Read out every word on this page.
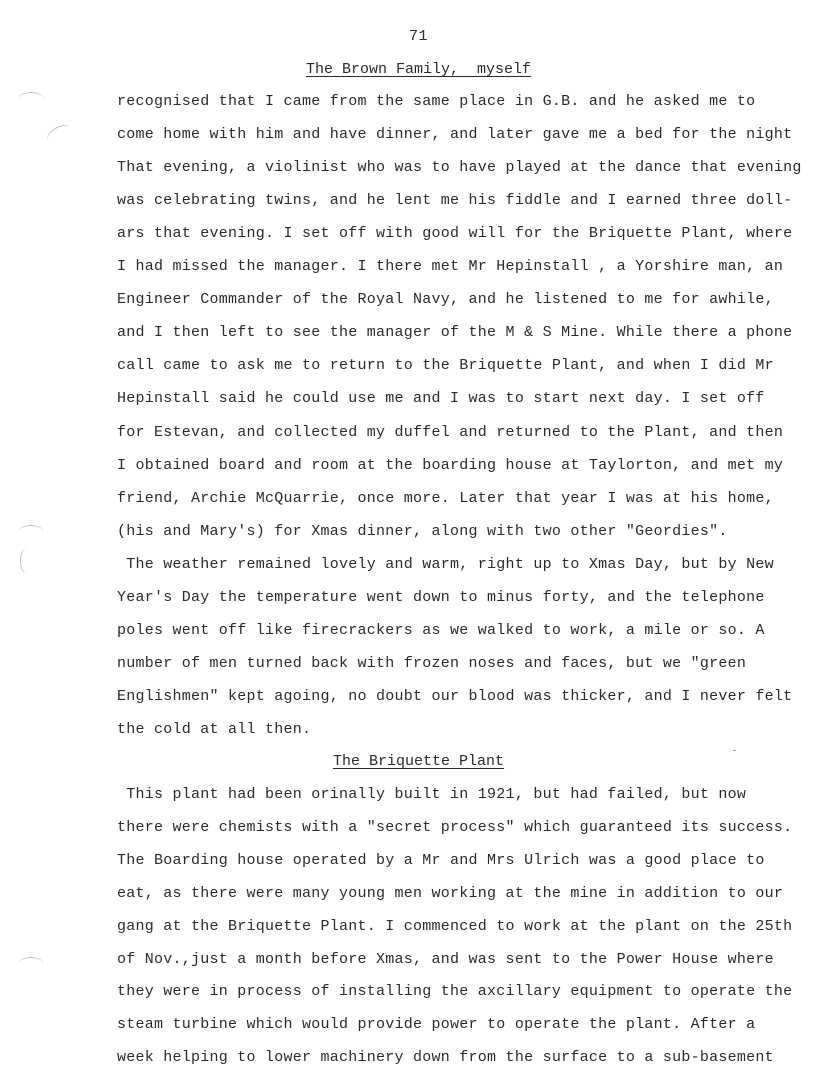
71
The Brown Family,  myself
recognised that I came from the same place in G.B. and he asked me to
come home with him and have dinner, and later gave me a bed for the night
That evening, a violinist who was to have played at the dance that evening
was celebrating twins, and he lent me his fiddle and I earned three doll-
ars that evening. I set off with good will for the Briquette Plant, where
I had missed the manager. I there met Mr Hepinstall , a Yorshire man, an
Engineer Commander of the Royal Navy, and he listened to me for awhile,
and I then left to see the manager of the M & S Mine. While there a phone
call came to ask me to return to the Briquette Plant, and when I did Mr
Hepinstall said he could use me and I was to start next day. I set off
for Estevan, and collected my duffel and returned to the Plant, and then
I obtained board and room at the boarding house at Taylorton, and met my
friend, Archie McQuarrie, once more. Later that year I was at his home,
(his and Mary's) for Xmas dinner, along with two other "Geordies".
The weather remained lovely and warm, right up to Xmas Day, but by New
Year's Day the temperature went down to minus forty, and the telephone
poles went off like firecrackers as we walked to work, a mile or so. A
number of men turned back with frozen noses and faces, but we "green
Englishmen" kept agoing, no doubt our blood was thicker, and I never felt
the cold at all then.
The Briquette Plant
This plant had been orinally built in 1921, but had failed, but now
there were chemists with a "secret process" which guaranteed its success.
The Boarding house operated by a Mr and Mrs Ulrich was a good place to
eat, as there were many young men working at the mine in addition to our
gang at the Briquette Plant. I commenced to work at the plant on the 25th
of Nov.,just a month before Xmas, and was sent to the Power House where
they were in process of installing the axcillary equipment to operate the
steam turbine which would provide power to operate the plant. After a
week helping to lower machinery down from the surface to a sub-basement
